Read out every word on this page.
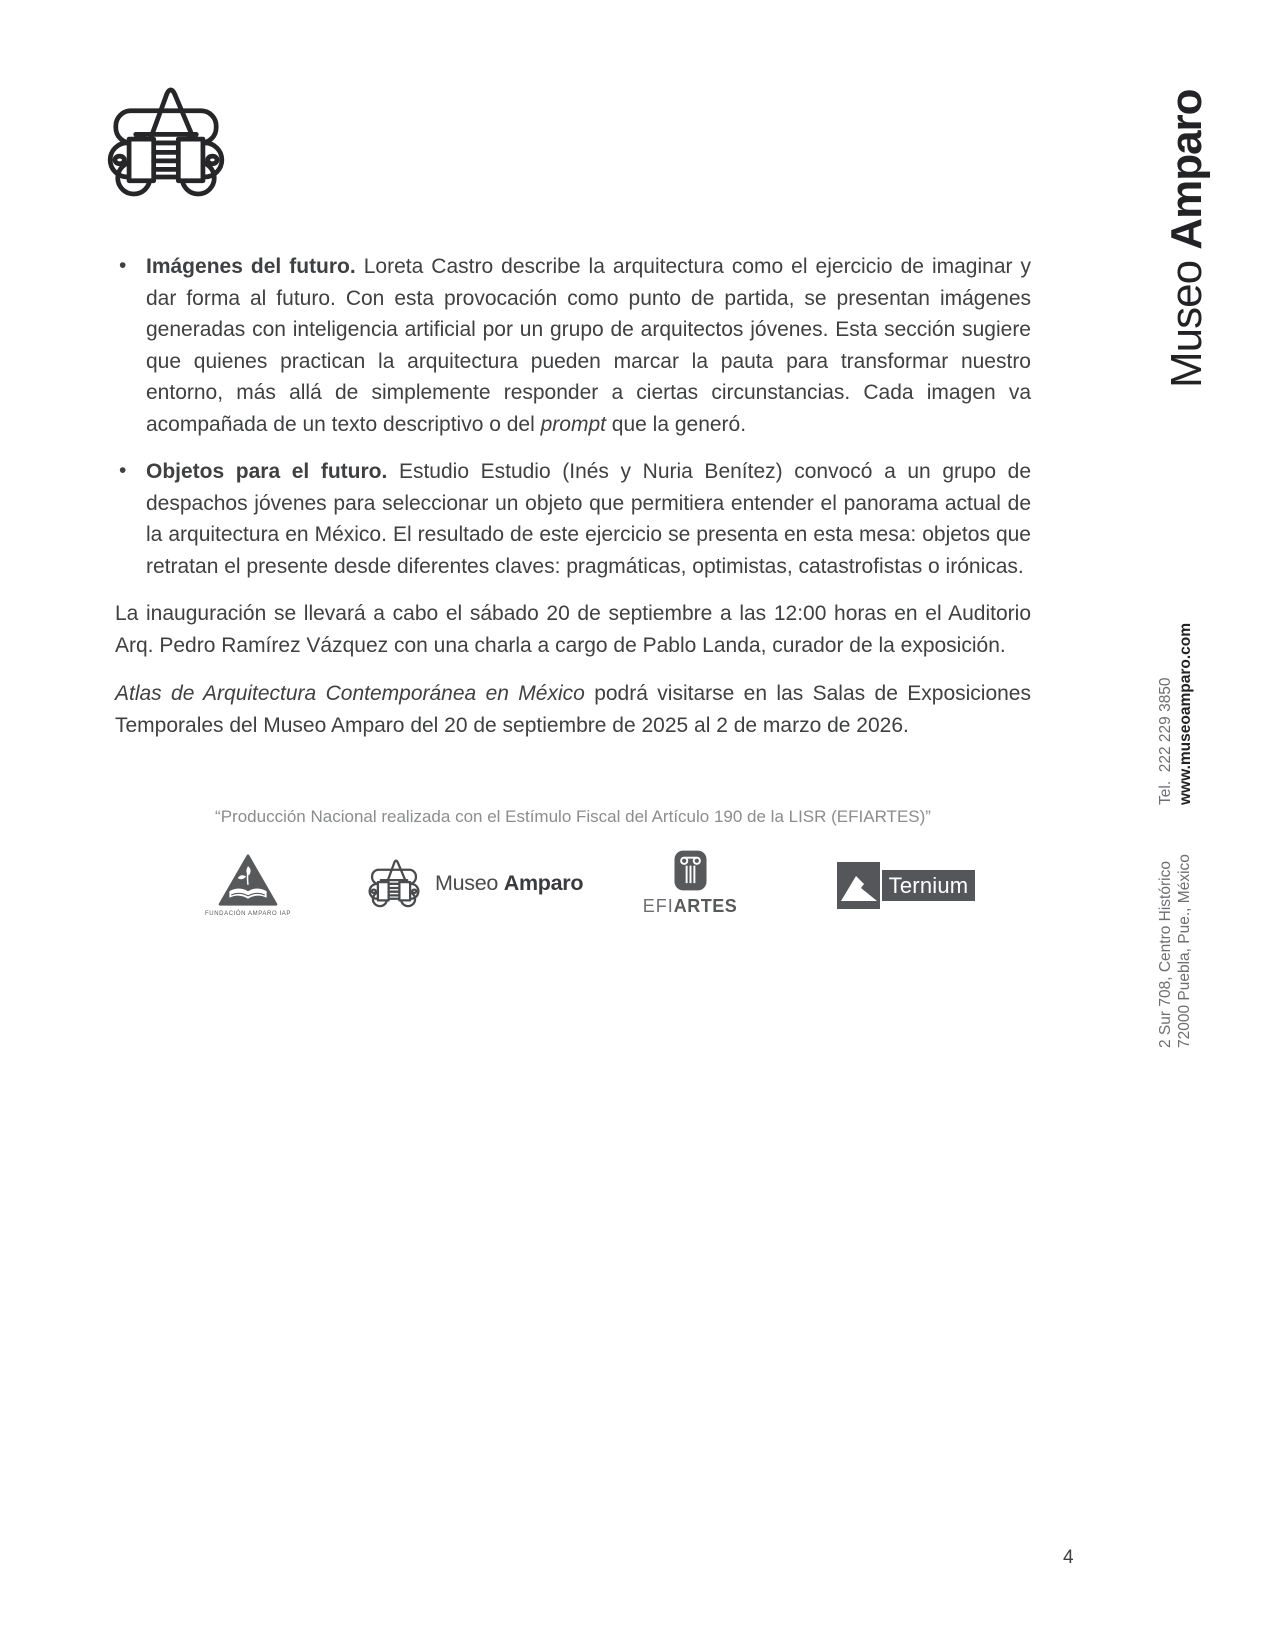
Museo Amparo
• Imágenes del futuro. Loreta Castro describe la arquitectura como el ejercicio de imaginar y dar forma al futuro. Con esta provocación como punto de partida, se presentan imágenes generadas con inteligencia artificial por un grupo de arquitectos jóvenes. Esta sección sugiere que quienes practican la arquitectura pueden marcar la pauta para transformar nuestro entorno, más allá de simplemente responder a ciertas circunstancias. Cada imagen va acompañada de un texto descriptivo o del prompt que la generó.
• Objetos para el futuro. Estudio Estudio (Inés y Nuria Benítez) convocó a un grupo de despachos jóvenes para seleccionar un objeto que permitiera entender el panorama actual de la arquitectura en México. El resultado de este ejercicio se presenta en esta mesa: objetos que retratan el presente desde diferentes claves: pragmáticas, optimistas, catastrofistas o irónicas.

La inauguración se llevará a cabo el sábado 20 de septiembre a las 12:00 horas en el Auditorio Arq. Pedro Ramírez Vázquez con una charla a cargo de Pablo Landa, curador de la exposición.

Atlas de Arquitectura Contemporánea en México podrá visitarse en las Salas de Exposiciones Temporales del Museo Amparo del 20 de septiembre de 2025 al 2 de marzo de 2026.

“Producción Nacional realizada con el Estímulo Fiscal del Artículo 190 de la LISR (EFIARTES)”
FUNDACIÓN AMPARO IAP
Museo Amparo
EFIARTES
Ternium
Tel.  222 229 3850 www.museoamparo.com
2 Sur 708, Centro Histórico 72000 Puebla, Pue., México
4
